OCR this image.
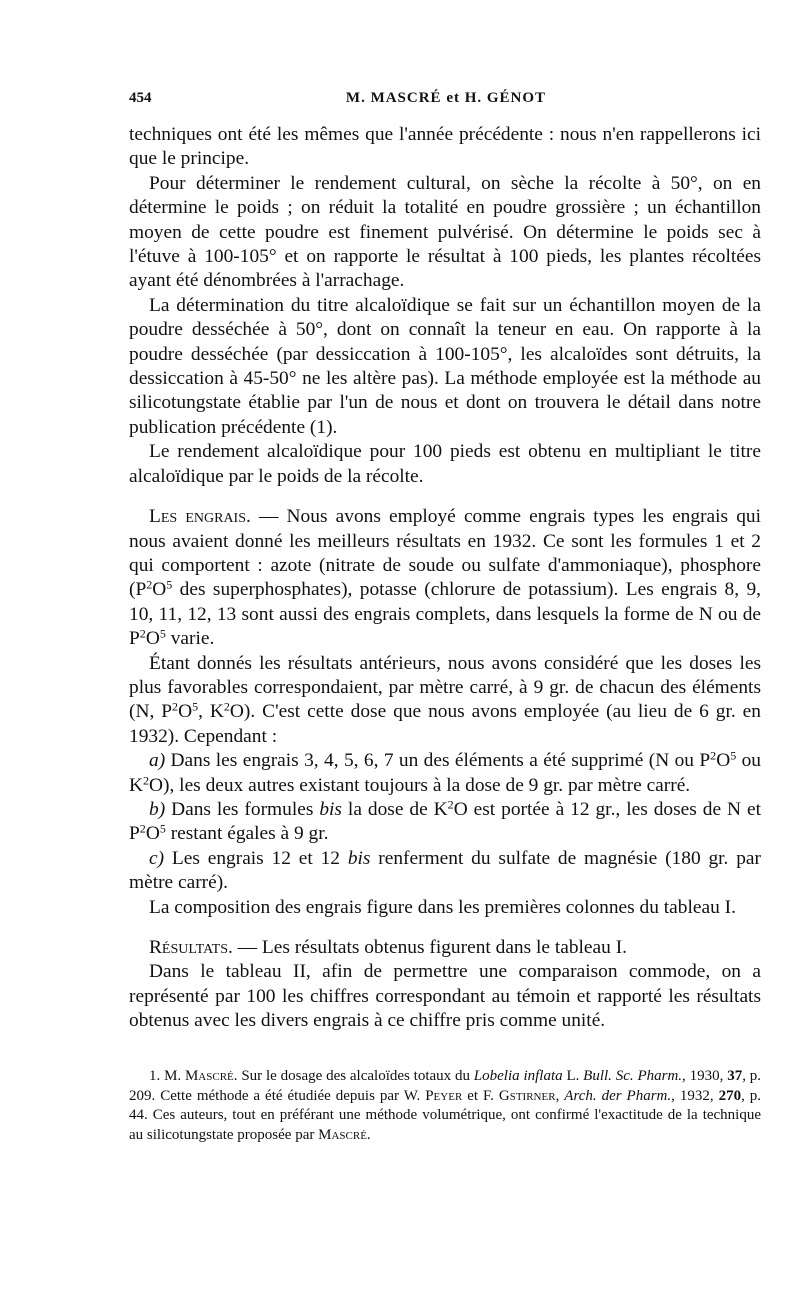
454	M. MASCRÉ et H. GÉNOT

techniques ont été les mêmes que l'année précédente : nous n'en rappellerons ici que le principe.

Pour déterminer le rendement cultural, on sèche la récolte à 50°, on en détermine le poids ; on réduit la totalité en poudre grossière ; un échantillon moyen de cette poudre est finement pulvérisé. On détermine le poids sec à l'étuve à 100-105° et on rapporte le résultat à 100 pieds, les plantes récoltées ayant été dénombrées à l'arrachage.

La détermination du titre alcaloïdique se fait sur un échantillon moyen de la poudre desséchée à 50°, dont on connaît la teneur en eau. On rapporte à la poudre desséchée (par dessiccation à 100-105°, les alcaloïdes sont détruits, la dessiccation à 45-50° ne les altère pas). La méthode employée est la méthode au silicotungstate établie par l'un de nous et dont on trouvera le détail dans notre publication précédente (1).

Le rendement alcaloïdique pour 100 pieds est obtenu en multipliant le titre alcaloïdique par le poids de la récolte.

Les engrais. — Nous avons employé comme engrais types les engrais qui nous avaient donné les meilleurs résultats en 1932. Ce sont les formules 1 et 2 qui comportent : azote (nitrate de soude ou sulfate d'ammoniaque), phosphore ($P^2O^5$ des superphosphates), potasse (chlorure de potassium). Les engrais 8, 9, 10, 11, 12, 13 sont aussi des engrais complets, dans lesquels la forme de N ou de $P^2O^5$ varie.

Étant donnés les résultats antérieurs, nous avons considéré que les doses les plus favorables correspondaient, par mètre carré, à 9 gr. de chacun des éléments (N, $P^2O^5$, $K^2O$). C'est cette dose que nous avons employée (au lieu de 6 gr. en 1932). Cependant :

a) Dans les engrais 3, 4, 5, 6, 7 un des éléments a été supprimé (N ou $P^2O^5$ ou $K^2O$), les deux autres existant toujours à la dose de 9 gr. par mètre carré.

b) Dans les formules bis la dose de $K^2O$ est portée à 12 gr., les doses de N et $P^2O^5$ restant égales à 9 gr.

c) Les engrais 12 et 12 bis renferment du sulfate de magnésie (180 gr. par mètre carré).

La composition des engrais figure dans les premières colonnes du tableau I.

Résultats. — Les résultats obtenus figurent dans le tableau I.

Dans le tableau II, afin de permettre une comparaison commode, on a représenté par 100 les chiffres correspondant au témoin et rapporté les résultats obtenus avec les divers engrais à ce chiffre pris comme unité.

1. M. Mascré. Sur le dosage des alcaloïdes totaux du Lobelia inflata L. Bull. Sc. Pharm., 1930, 37, p. 209. Cette méthode a été étudiée depuis par W. Peyer et F. Gstirner, Arch. der Pharm., 1932, 270, p. 44. Ces auteurs, tout en préférant une méthode volumétrique, ont confirmé l'exactitude de la technique au silicotungstate proposée par Mascré.
